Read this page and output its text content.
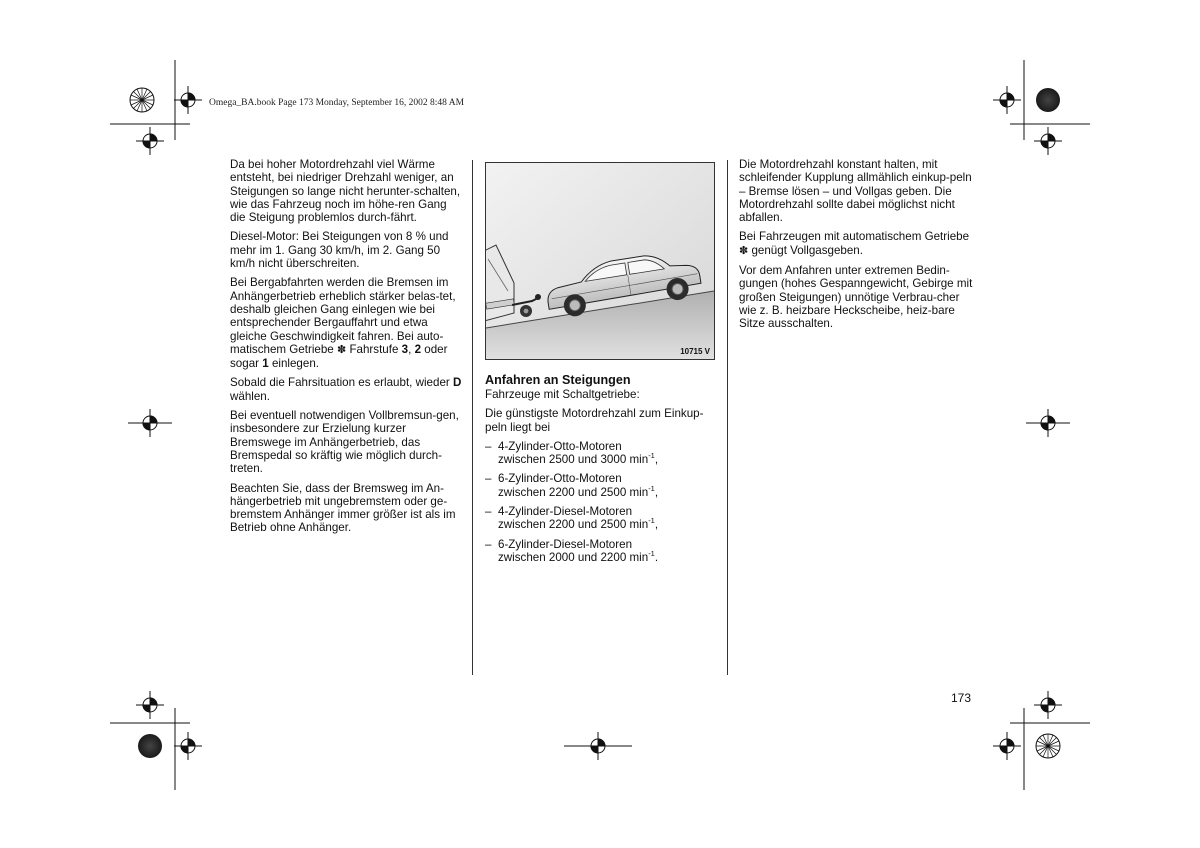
Omega_BA.book Page 173 Monday, September 16, 2002 8:48 AM

Da bei hoher Motordrehzahl viel Wärme entsteht, bei niedriger Drehzahl weniger, an Steigungen so lange nicht herunter-schalten, wie das Fahrzeug noch im höhe-ren Gang die Steigung problemlos durch-fährt.

Diesel-Motor: Bei Steigungen von 8 % und mehr im 1. Gang 30 km/h, im 2. Gang 50 km/h nicht überschreiten.

Bei Bergabfahrten werden die Bremsen im Anhängerbetrieb erheblich stärker belas-tet, deshalb gleichen Gang einlegen wie bei entsprechender Bergauffahrt und etwa gleiche Geschwindigkeit fahren. Bei auto-matischem Getriebe ✽ Fahrstufe 3, 2 oder sogar 1 einlegen.

Sobald die Fahrsituation es erlaubt, wieder D wählen.

Bei eventuell notwendigen Vollbremsun-gen, insbesondere zur Erzielung kurzer Bremswege im Anhängerbetrieb, das Bremspedal so kräftig wie möglich durch-treten.

Beachten Sie, dass der Bremsweg im An-hängerbetrieb mit ungebremstem oder ge-bremstem Anhänger immer größer ist als im Betrieb ohne Anhänger.

10715 V
Anfahren an Steigungen

Fahrzeuge mit Schaltgetriebe:

Die günstigste Motordrehzahl zum Einkup-peln liegt bei

– 4-Zylinder-Otto-Motoren
zwischen 2500 und 3000 $\min^{-1}$,
– 6-Zylinder-Otto-Motoren
zwischen 2200 und 2500 $\min^{-1}$,
– 4-Zylinder-Diesel-Motoren
zwischen 2200 und 2500 $\min^{-1}$,
– 6-Zylinder-Diesel-Motoren
zwischen 2000 und 2200 $\min^{-1}$.

Die Motordrehzahl konstant halten, mit schleifender Kupplung allmählich einkup-peln – Bremse lösen – und Vollgas geben. Die Motordrehzahl sollte dabei möglichst nicht abfallen.

Bei Fahrzeugen mit automatischem Getriebe ✽ genügt Vollgasgeben.

Vor dem Anfahren unter extremen Bedin-gungen (hohes Gespanngewicht, Gebirge mit großen Steigungen) unnötige Verbrau-cher wie z. B. heizbare Heckscheibe, heiz-bare Sitze ausschalten.

173
